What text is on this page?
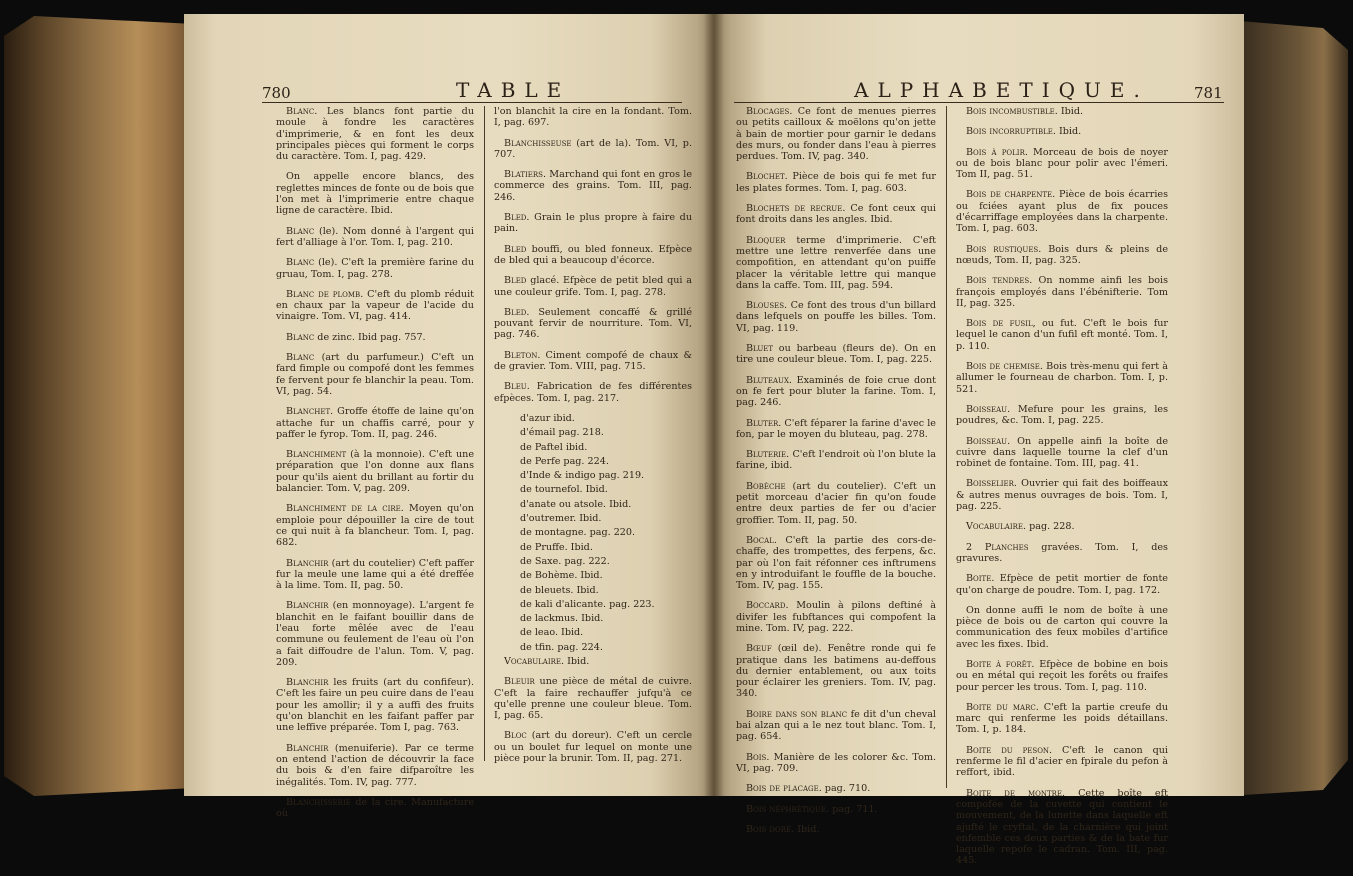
780	TABLE

Blanc. Les blancs font partie du moule à fondre les caractères d'imprimerie, & en font les deux principales pièces qui forment le corps du caractère. Tom. I, pag. 429.

On appelle encore blancs, des reglettes minces de fonte ou de bois que l'on met à l'imprimerie entre chaque ligne de caractère. Ibid.

Blanc (le). Nom donné à l'argent qui fert d'alliage à l'or. Tom. I, pag. 210.

Blanc (le). C'eft la première farine du gruau, Tom. I, pag. 278.

Blanc de plomb. C'eft du plomb réduit en chaux par la vapeur de l'acide du vinaigre. Tom. VI, pag. 414.

Blanc de zinc. Ibid pag. 757.

Blanc (art du parfumeur.) C'eft un fard fimple ou compofé dont les femmes fe fervent pour fe blanchir la peau. Tom. VI, pag. 54.

Blanchet. Groffe étoffe de laine qu'on attache fur un chaffis carré, pour y paffer le fyrop. Tom. II, pag. 246.

Blanchiment (à la monnoie). C'eft une préparation que l'on donne aux flans pour qu'ils aient du brillant au fortir du balancier. Tom. V, pag. 209.

Blanchiment de la cire. Moyen qu'on emploie pour dépouiller la cire de tout ce qui nuit à fa blancheur. Tom. I, pag. 682.

Blanchir (art du coutelier) C'eft paffer fur la meule une lame qui a été dreffée à la lime. Tom. II, pag. 50.

Blanchir (en monnoyage). L'argent fe blanchit en le faifant bouillir dans de l'eau forte mêlée avec de l'eau commune ou feulement de l'eau où l'on a fait diffoudre de l'alun. Tom. V, pag. 209.

Blanchir les fruits (art du confifeur). C'eft les faire un peu cuire dans de l'eau pour les amollir; il y a auffi des fruits qu'on blanchit en les faifant paffer par une leffive préparée. Tom I, pag. 763.

Blanchir (menuiferie). Par ce terme on entend l'action de découvrir la face du bois & d'en faire difparoître les inégalités. Tom. IV, pag. 777.

Blanchisserie de la cire. Manufacture où

l'on blanchit la cire en la fondant. Tom. I, pag. 697.

Blanchisseuse (art de la). Tom. VI, p. 707.

Blatiers. Marchand qui font en gros le commerce des grains. Tom. III, pag. 246.

Bled. Grain le plus propre à faire du pain.

Bled bouffi, ou bled fonneux. Efpèce de bled qui a beaucoup d'écorce.

Bled glacé. Efpèce de petit bled qui a une couleur grife. Tom. I, pag. 278.

Bled. Seulement concaffé & grillé pouvant fervir de nourriture. Tom. VI, pag. 746.

Bleton. Ciment compofé de chaux & de gravier. Tom. VIII, pag. 715.

Bleu. Fabrication de fes différentes efpèces. Tom. I, pag. 217.

d'azur ibid.

d'émail pag. 218.

de Paftel ibid.

de Perfe pag. 224.

d'Inde & indigo pag. 219.

de tournefol. Ibid.

d'anate ou atsole. Ibid.

d'outremer. Ibid.

de montagne. pag. 220.

de Pruffe. Ibid.

de Saxe. pag. 222.

de Bohème. Ibid.

de bleuets. Ibid.

de kali d'alicante. pag. 223.

de lackmus. Ibid.

de leao. Ibid.

de tfin. pag. 224.

Vocabulaire. Ibid.

Bleuir une pièce de métal de cuivre. C'eft la faire rechauffer jufqu'à ce qu'elle prenne une couleur bleue. Tom. I, pag. 65.

Bloc (art du doreur). C'eft un cercle ou un boulet fur lequel on monte une pièce pour la brunir. Tom. II, pag. 271.

ALPHABETIQUE.	781

Blocages. Ce font de menues pierres ou petits cailloux & moëlons qu'on jette à bain de mortier pour garnir le dedans des murs, ou fonder dans l'eau à pierres perdues. Tom. IV, pag. 340.

Blochet. Pièce de bois qui fe met fur les plates formes. Tom. I, pag. 603.

Blochets de recrue. Ce font ceux qui font droits dans les angles. Ibid.

Bloquer terme d'imprimerie. C'eft mettre une lettre renverfée dans une compofition, en attendant qu'on puiffe placer la véritable lettre qui manque dans la caffe. Tom. III, pag. 594.

Blouses. Ce font des trous d'un billard dans lefquels on pouffe les billes. Tom. VI, pag. 119.

Bluet ou barbeau (fleurs de). On en tire une couleur bleue. Tom. I, pag. 225.

Bluteaux. Examinés de foie crue dont on fe fert pour bluter la farine. Tom. I, pag. 246.

Bluter. C'eft féparer la farine d'avec le fon, par le moyen du bluteau, pag. 278.

Bluterie. C'eft l'endroit où l'on blute la farine, ibid.

Bobèche (art du coutelier). C'eft un petit morceau d'acier fin qu'on foude entre deux parties de fer ou d'acier groffier. Tom. II, pag. 50.

Bocal. C'eft la partie des cors-de-chaffe, des trompettes, des ferpens, &c. par où l'on fait réfonner ces inftrumens en y introduifant le fouffle de la bouche. Tom. IV, pag. 155.

Boccard. Moulin à pilons deftiné à divifer les fubftances qui compofent la mine. Tom. IV, pag. 222.

Bœuf (œil de). Fenêtre ronde qui fe pratique dans les batimens au-deffous du dernier entablement, ou aux toits pour éclairer les greniers. Tom. IV, pag. 340.

Boire dans son blanc fe dit d'un cheval bai alzan qui a le nez tout blanc. Tom. I, pag. 654.

Bois. Manière de les colorer &c. Tom. VI, pag. 709.

Bois de placage. pag. 710.

Bois néphrétique. pag. 711.

Bois doré. Ibid.

Bois incombustible. Ibid.

Bois incorruptible. Ibid.

Bois à polir. Morceau de bois de noyer ou de bois blanc pour polir avec l'émeri. Tom II, pag. 51.

Bois de charpente. Pièce de bois écarries ou fciées ayant plus de fix pouces d'écarriffage employées dans la charpente. Tom. I, pag. 603.

Bois rustiques. Bois durs & pleins de nœuds, Tom. II, pag. 325.

Bois tendres. On nomme ainfi les bois françois employés dans l'ébénifterie. Tom II, pag. 325.

Bois de fusil, ou fut. C'eft le bois fur lequel le canon d'un fufil eft monté. Tom. I, p. 110.

Bois de chemise. Bois très-menu qui fert à allumer le fourneau de charbon. Tom. I, p. 521.

Boisseau. Mefure pour les grains, les poudres, &c. Tom. I, pag. 225.

Boisseau. On appelle ainfi la boîte de cuivre dans laquelle tourne la clef d'un robinet de fontaine. Tom. III, pag. 41.

Boisselier. Ouvrier qui fait des boiffeaux & autres menus ouvrages de bois. Tom. I, pag. 225.

Vocabulaire. pag. 228.

2 Planches gravées. Tom. I, des gravures.

Boite. Efpèce de petit mortier de fonte qu'on charge de poudre. Tom. I, pag. 172.

On donne auffi le nom de boîte à une pièce de bois ou de carton qui couvre la communication des feux mobiles d'artifice avec les fixes. Ibid.

Boite à forêt. Efpèce de bobine en bois ou en métal qui reçoit les forêts ou fraifes pour percer les trous. Tom. I, pag. 110.

Boite du marc. C'eft la partie creufe du marc qui renferme les poids détaillans. Tom. I, p. 184.

Boite du peson. C'eft le canon qui renferme le fil d'acier en fpirale du pefon à reffort, ibid.

Boite de montre. Cette boîte eft compofée de la cuvette qui contient le mouvement, de la lunette dans laquelle eft ajufté le cryftal, de la charnière qui joint enfemble ces deux parties & de la bate fur laquelle repofe le cadran. Tom. III, pag. 445.
